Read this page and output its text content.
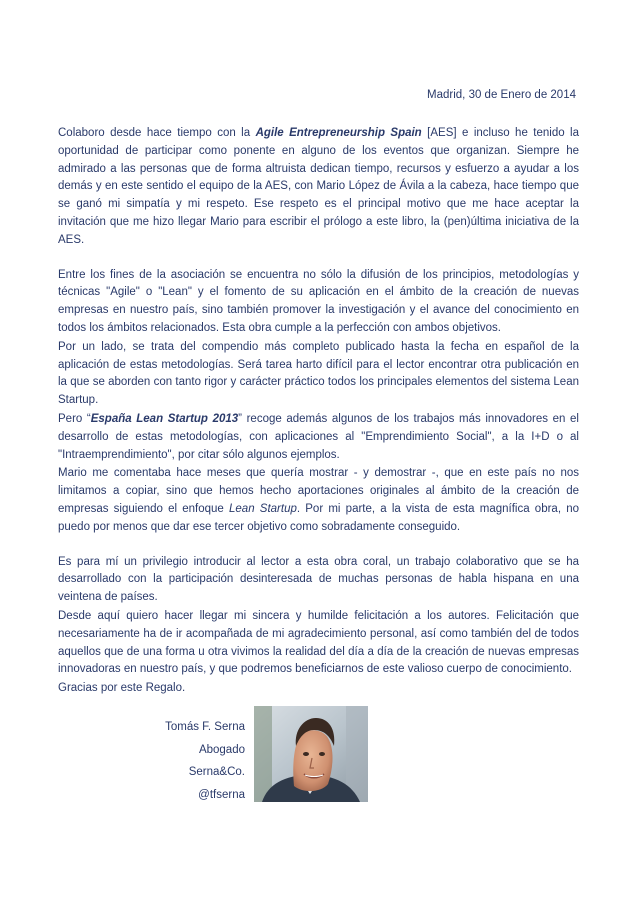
Madrid, 30 de Enero de 2014

Colaboro desde hace tiempo con la Agile Entrepreneurship Spain [AES] e incluso he tenido la oportunidad de participar como ponente en alguno de los eventos que organizan. Siempre he admirado a las personas que de forma altruista dedican tiempo, recursos y esfuerzo a ayudar a los demás y en este sentido el equipo de la AES, con Mario López de Ávila a la cabeza, hace tiempo que se ganó mi simpatía y mi respeto. Ese respeto es el principal motivo que me hace aceptar la invitación que me hizo llegar Mario para escribir el prólogo a este libro, la (pen)última iniciativa de la AES.

Entre los fines de la asociación se encuentra no sólo la difusión de los principios, metodologías y técnicas "Agile" o "Lean" y el fomento de su aplicación en el ámbito de la creación de nuevas empresas en nuestro país, sino también promover la investigación y el avance del conocimiento en todos los ámbitos relacionados. Esta obra cumple a la perfección con ambos objetivos.

Por un lado, se trata del compendio más completo publicado hasta la fecha en español de la aplicación de estas metodologías. Será tarea harto difícil para el lector encontrar otra publicación en la que se aborden con tanto rigor y carácter práctico todos los principales elementos del sistema Lean Startup.

Pero “España Lean Startup 2013” recoge además algunos de los trabajos más innovadores en el desarrollo de estas metodologías, con aplicaciones al "Emprendimiento Social", a la I+D o al "Intraemprendimiento", por citar sólo algunos ejemplos.

Mario me comentaba hace meses que quería mostrar - y demostrar -, que en este país no nos limitamos a copiar, sino que hemos hecho aportaciones originales al ámbito de la creación de empresas siguiendo el enfoque Lean Startup. Por mi parte, a la vista de esta magnífica obra, no puedo por menos que dar ese tercer objetivo como sobradamente conseguido.

Es para mí un privilegio introducir al lector a esta obra coral, un trabajo colaborativo que se ha desarrollado con la participación desinteresada de muchas personas de habla hispana en una veintena de países.

Desde aquí quiero hacer llegar mi sincera y humilde felicitación a los autores. Felicitación que necesariamente ha de ir acompañada de mi agradecimiento personal, así como también del de todos aquellos que de una forma u otra vivimos la realidad del día a día de la creación de nuevas empresas innovadoras en nuestro país, y que podremos beneficiarnos de este valioso cuerpo de conocimiento.

Gracias por este Regalo.

Tomás F. Serna
Abogado
Serna&Co.
@tfserna
